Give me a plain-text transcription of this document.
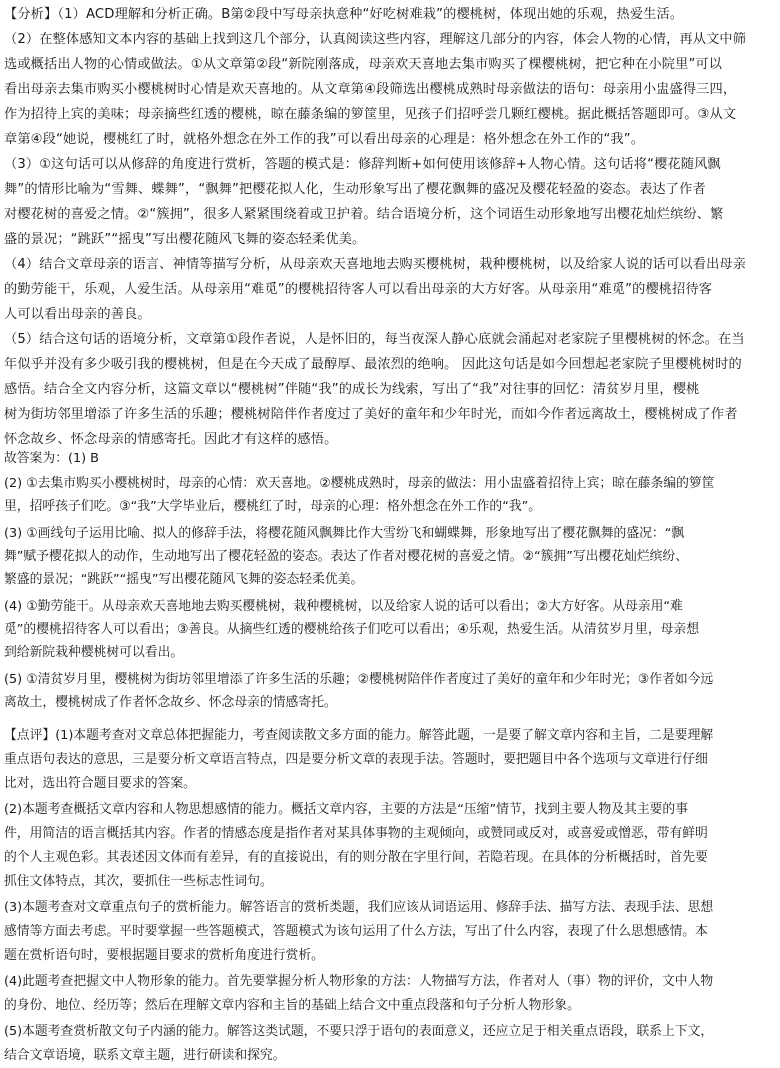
【分析】（1）ACD理解和分析正确。B第②段中写母亲执意种“好吃树难栽”的樱桃树，体现出她的乐观，热爱生活。
（2）在整体感知文本内容的基础上找到这几个部分，认真阅读这些内容，理解这几部分的内容，体会人物的心情，再从文中筛
选或概括出人物的心情或做法。①从文章第②段“新院刚落成，母亲欢天喜地去集市购买了棵樱桃树，把它种在小院里”可以
看出母亲去集市购买小樱桃树时心情是欢天喜地的。从文章第④段筛选出樱桃成熟时母亲做法的语句：母亲用小盅盛得三四，
作为招待上宾的美味；母亲摘些红透的樱桃，晾在藤条编的箩筐里，见孩子们招呼尝几颗红樱桃。据此概括答题即可。③从文
章第④段“她说，樱桃红了时，就格外想念在外工作的我”可以看出母亲的心理是：格外想念在外工作的“我”。
（3）①这句话可以从修辞的角度进行赏析，答题的模式是：修辞判断+如何使用该修辞+人物心情。这句话将“樱花随风飘
舞”的情形比喻为“雪舞、蝶舞”，“飘舞”把樱花拟人化，生动形象写出了樱花飘舞的盛况及樱花轻盈的姿态。表达了作者
对樱花树的喜爱之情。②“簇拥”，很多人紧紧围绕着或卫护着。结合语境分析，这个词语生动形象地写出樱花灿烂缤纷、繁
盛的景况；“跳跃”“摇曳”写出樱花随风飞舞的姿态轻柔优美。
（4）结合文章母亲的语言、神情等描写分析，从母亲欢天喜地地去购买樱桃树，栽种樱桃树，以及给家人说的话可以看出母亲
的勤劳能干，乐观，人爱生活。从母亲用“难觅”的樱桃招待客人可以看出母亲的大方好客。从母亲用“难觅”的樱桃招待客
人可以看出母亲的善良。
（5）结合这句话的语境分析，文章第①段作者说，人是怀旧的，每当夜深人静心底就会涌起对老家院子里樱桃树的怀念。在当
年似乎并没有多少吸引我的樱桃树，但是在今天成了最醇厚、最浓烈的绝响。 因此这句话是如今回想起老家院子里樱桃树时的
感悟。结合全文内容分析，这篇文章以“樱桃树”伴随“我”的成长为线索，写出了“我”对往事的回忆：清贫岁月里，樱桃
树为街坊邻里增添了许多生活的乐趣；樱桃树陪伴作者度过了美好的童年和少年时光，而如今作者远离故土，樱桃树成了作者
怀念故乡、怀念母亲的情感寄托。因此才有这样的感悟。
故答案为：(1) B
(2) ①去集市购买小樱桃树时，母亲的心情：欢天喜地。②樱桃成熟时，母亲的做法：用小盅盛着招待上宾；晾在藤条编的箩筐
里，招呼孩子们吃。③“我”大学毕业后，樱桃红了时，母亲的心理：格外想念在外工作的“我”。
(3) ①画线句子运用比喻、拟人的修辞手法，将樱花随风飘舞比作大雪纷飞和蝴蝶舞，形象地写出了樱花飘舞的盛况：“飘
舞”赋予樱花拟人的动作，生动地写出了樱花轻盈的姿态。表达了作者对樱花树的喜爱之情。②“簇拥”写出樱花灿烂缤纷、
繁盛的景况；“跳跃”“摇曳”写出樱花随风飞舞的姿态轻柔优美。
(4) ①勤劳能干。从母亲欢天喜地地去购买樱桃树，栽种樱桃树，以及给家人说的话可以看出；②大方好客。从母亲用“难
觅”的樱桃招待客人可以看出；③善良。从摘些红透的樱桃给孩子们吃可以看出；④乐观，热爱生活。从清贫岁月里，母亲想
到给新院栽种樱桃树可以看出。
(5) ①清贫岁月里，樱桃树为街坊邻里增添了许多生活的乐趣；②樱桃树陪伴作者度过了美好的童年和少年时光；③作者如今远
离故土，樱桃树成了作者怀念故乡、怀念母亲的情感寄托。
【点评】(1)本题考查对文章总体把握能力，考查阅读散文多方面的能力。解答此题，一是要了解文章内容和主旨，二是要理解
重点语句表达的意思，三是要分析文章语言特点，四是要分析文章的表现手法。答题时，要把题目中各个选项与文章进行仔细
比对，选出符合题目要求的答案。
(2)本题考查概括文章内容和人物思想感情的能力。概括文章内容，主要的方法是“压缩”情节，找到主要人物及其主要的事
件，用简洁的语言概括其内容。作者的情感态度是指作者对某具体事物的主观倾向，或赞同或反对，或喜爱或憎恶，带有鲜明
的个人主观色彩。其表述因文体而有差异，有的直接说出，有的则分散在字里行间，若隐若现。在具体的分析概括时，首先要
抓住文体特点，其次，要抓住一些标志性词句。
(3)本题考查对文章重点句子的赏析能力。解答语言的赏析类题，我们应该从词语运用、修辞手法、描写方法、表现手法、思想
感情等方面去考虑。平时要掌握一些答题模式，答题模式为该句运用了什么方法，写出了什么内容，表现了什么思想感情。本
题在赏析语句时，要根据题目要求的赏析角度进行赏析。
(4)此题考查把握文中人物形象的能力。首先要掌握分析人物形象的方法：人物描写方法，作者对人（事）物的评价，文中人物
的身份、地位、经历等；然后在理解文章内容和主旨的基础上结合文中重点段落和句子分析人物形象。
(5)本题考查赏析散文句子内涵的能力。解答这类试题，不要只浮于语句的表面意义，还应立足于相关重点语段，联系上下文，
结合文章语境，联系文章主题，进行研读和探究。
